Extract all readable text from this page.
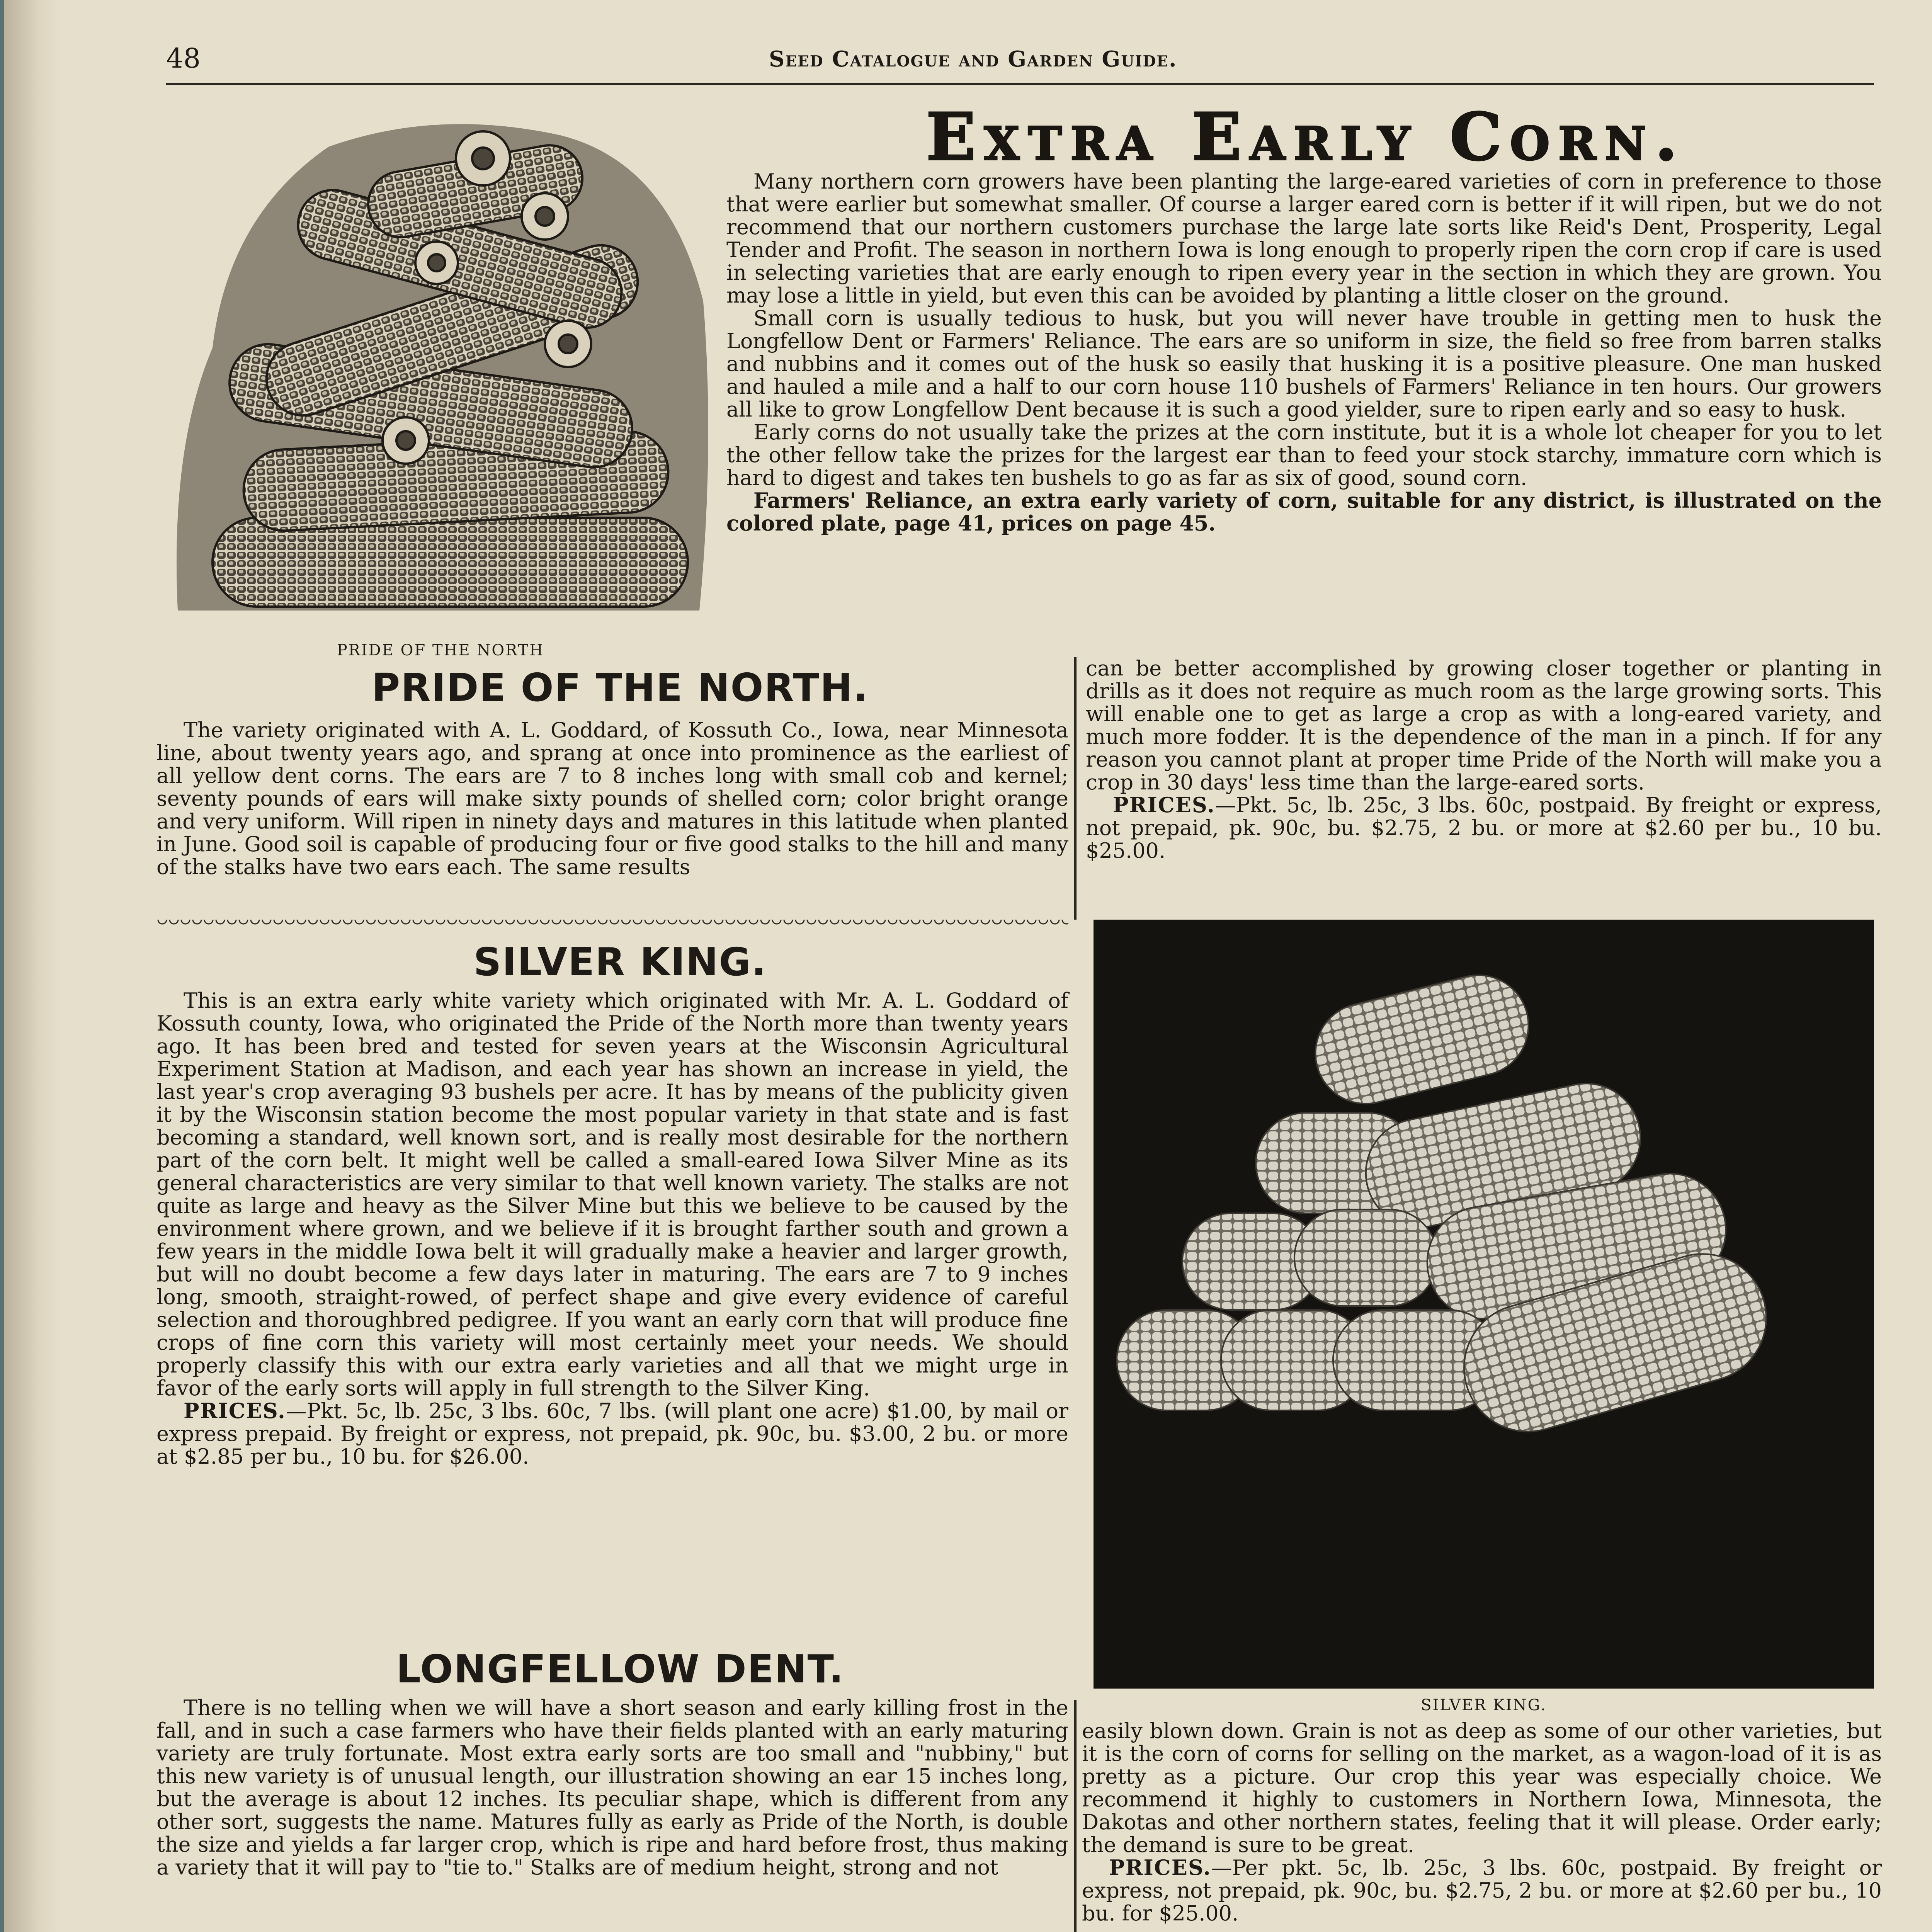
48	Seed Catalogue and Garden Guide.
PRIDE OF THE NORTH
Extra Early Corn.

Many northern corn growers have been planting the large-eared varieties of corn in preference to those that were earlier but somewhat smaller. Of course a larger eared corn is better if it will ripen, but we do not recommend that our northern customers purchase the large late sorts like Reid's Dent, Prosperity, Legal Tender and Profit. The season in northern Iowa is long enough to properly ripen the corn crop if care is used in selecting varieties that are early enough to ripen every year in the section in which they are grown. You may lose a little in yield, but even this can be avoided by planting a little closer on the ground.

Small corn is usually tedious to husk, but you will never have trouble in getting men to husk the Longfellow Dent or Farmers' Reliance. The ears are so uniform in size, the field so free from barren stalks and nubbins and it comes out of the husk so easily that husking it is a positive pleasure. One man husked and hauled a mile and a half to our corn house 110 bushels of Farmers' Reliance in ten hours. Our growers all like to grow Longfellow Dent because it is such a good yielder, sure to ripen early and so easy to husk.

Early corns do not usually take the prizes at the corn institute, but it is a whole lot cheaper for you to let the other fellow take the prizes for the largest ear than to feed your stock starchy, immature corn which is hard to digest and takes ten bushels to go as far as six of good, sound corn.

Farmers' Reliance, an extra early variety of corn, suitable for any district, is illustrated on the colored plate, page 41, prices on page 45.

PRIDE OF THE NORTH.

The variety originated with A. L. Goddard, of Kossuth Co., Iowa, near Minnesota line, about twenty years ago, and sprang at once into prominence as the earliest of all yellow dent corns. The ears are 7 to 8 inches long with small cob and kernel; seventy pounds of ears will make sixty pounds of shelled corn; color bright orange and very uniform. Will ripen in ninety days and matures in this latitude when planted in June. Good soil is capable of producing four or five good stalks to the hill and many of the stalks have two ears each. The same results

can be better accomplished by growing closer together or planting in drills as it does not require as much room as the large growing sorts. This will enable one to get as large a crop as with a long-eared variety, and much more fodder. It is the dependence of the man in a pinch. If for any reason you cannot plant at proper time Pride of the North will make you a crop in 30 days' less time than the large-eared sorts.

PRICES.—Pkt. 5c, lb. 25c, 3 lbs. 60c, postpaid. By freight or express, not prepaid, pk. 90c, bu. $2.75, 2 bu. or more at $2.60 per bu., 10 bu. $25.00.

SILVER KING.

This is an extra early white variety which originated with Mr. A. L. Goddard of Kossuth county, Iowa, who originated the Pride of the North more than twenty years ago. It has been bred and tested for seven years at the Wisconsin Agricultural Experiment Station at Madison, and each year has shown an increase in yield, the last year's crop averaging 93 bushels per acre. It has by means of the publicity given it by the Wisconsin station become the most popular variety in that state and is fast becoming a standard, well known sort, and is really most desirable for the northern part of the corn belt. It might well be called a small-eared Iowa Silver Mine as its general characteristics are very similar to that well known variety. The stalks are not quite as large and heavy as the Silver Mine but this we believe to be caused by the environment where grown, and we believe if it is brought farther south and grown a few years in the middle Iowa belt it will gradually make a heavier and larger growth, but will no doubt become a few days later in maturing. The ears are 7 to 9 inches long, smooth, straight-rowed, of perfect shape and give every evidence of careful selection and thoroughbred pedigree. If you want an early corn that will produce fine crops of fine corn this variety will most certainly meet your needs. We should properly classify this with our extra early varieties and all that we might urge in favor of the early sorts will apply in full strength to the Silver King.

PRICES.—Pkt. 5c, lb. 25c, 3 lbs. 60c, 7 lbs. (will plant one acre) $1.00, by mail or express prepaid. By freight or express, not prepaid, pk. 90c, bu. $3.00, 2 bu. or more at $2.85 per bu., 10 bu. for $26.00.

SILVER KING.
LONGFELLOW DENT.

There is no telling when we will have a short season and early killing frost in the fall, and in such a case farmers who have their fields planted with an early maturing variety are truly fortunate. Most extra early sorts are too small and "nubbiny," but this new variety is of unusual length, our illustration showing an ear 15 inches long, but the average is about 12 inches. Its peculiar shape, which is different from any other sort, suggests the name. Matures fully as early as Pride of the North, is double the size and yields a far larger crop, which is ripe and hard before frost, thus making a variety that it will pay to "tie to." Stalks are of medium height, strong and not

easily blown down. Grain is not as deep as some of our other varieties, but it is the corn of corns for selling on the market, as a wagon-load of it is as pretty as a picture. Our crop this year was especially choice. We recommend it highly to customers in Northern Iowa, Minnesota, the Dakotas and other northern states, feeling that it will please. Order early; the demand is sure to be great.

PRICES.—Per pkt. 5c, lb. 25c, 3 lbs. 60c, postpaid. By freight or express, not prepaid, pk. 90c, bu. $2.75, 2 bu. or more at $2.60 per bu., 10 bu. for $25.00.
